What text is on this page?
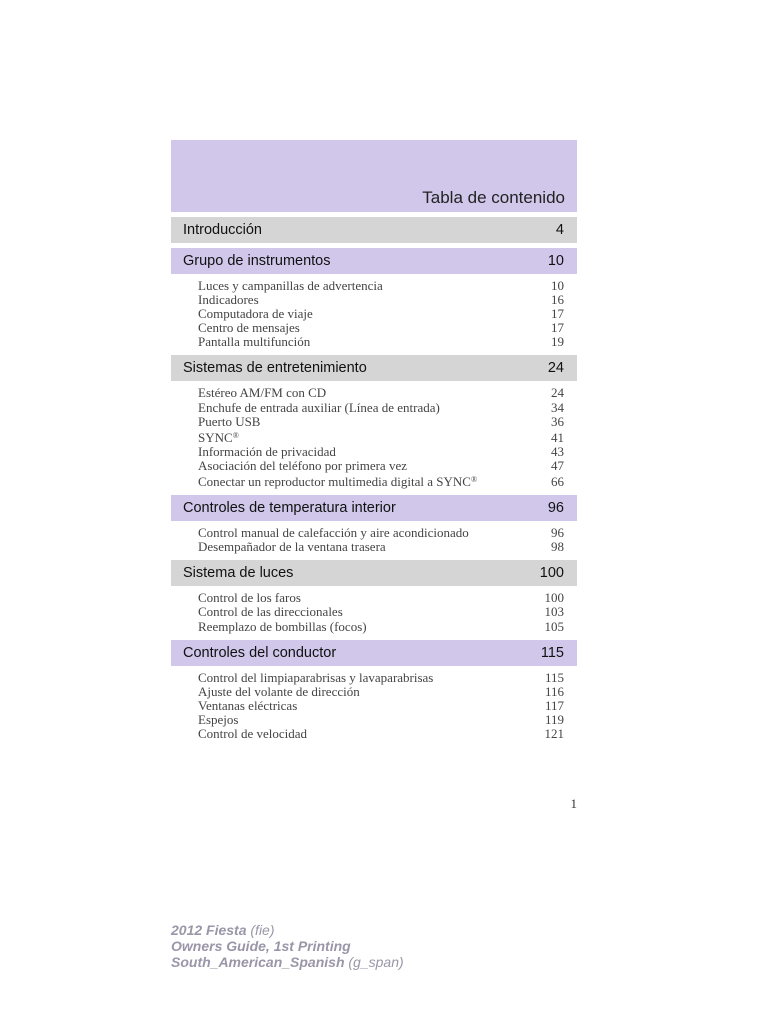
Tabla de contenido
Introducción	4
Grupo de instrumentos	10
Luces y campanillas de advertencia	10
Indicadores	16
Computadora de viaje	17
Centro de mensajes	17
Pantalla multifunción	19
Sistemas de entretenimiento	24
Estéreo AM/FM con CD	24
Enchufe de entrada auxiliar (Línea de entrada)	34
Puerto USB	36
SYNC®	41
Información de privacidad	43
Asociación del teléfono por primera vez	47
Conectar un reproductor multimedia digital a SYNC®	66
Controles de temperatura interior	96
Control manual de calefacción y aire acondicionado	96
Desempañador de la ventana trasera	98
Sistema de luces	100
Control de los faros	100
Control de las direccionales	103
Reemplazo de bombillas (focos)	105
Controles del conductor	115
Control del limpiaparabrisas y lavaparabrisas	115
Ajuste del volante de dirección	116
Ventanas eléctricas	117
Espejos	119
Control de velocidad	121
1
2012 Fiesta (fie)
Owners Guide, 1st Printing
South_American_Spanish (g_span)
